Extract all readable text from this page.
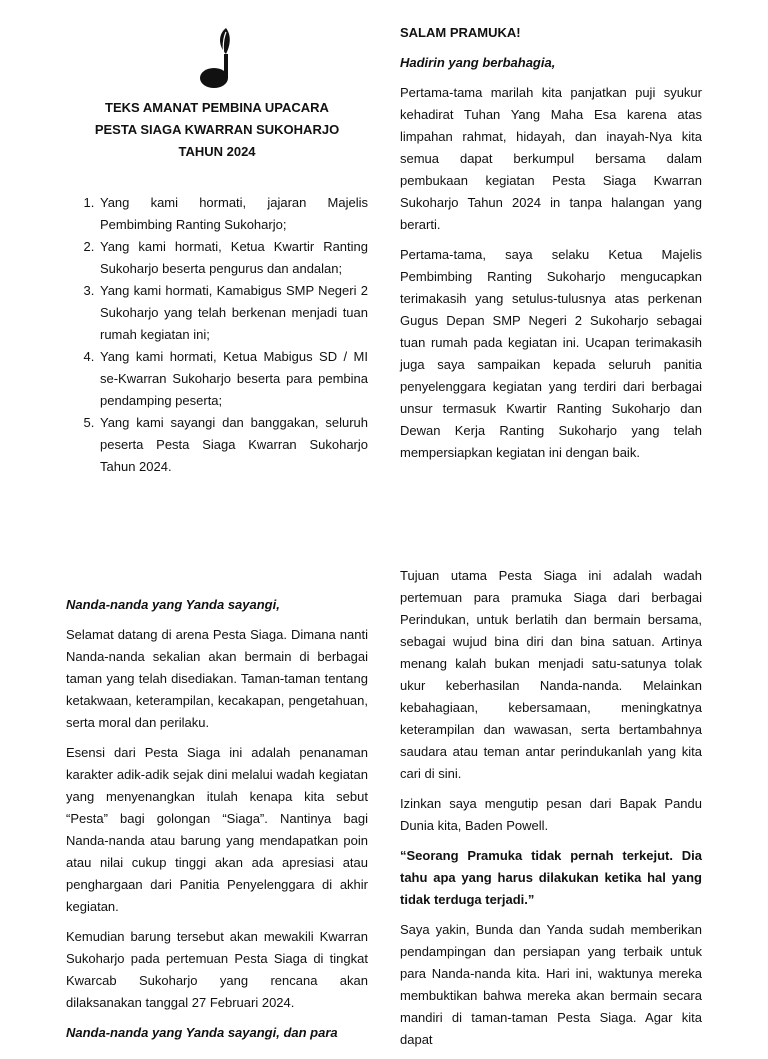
TEKS AMANAT PEMBINA UPACARA
PESTA SIAGA KWARRAN SUKOHARJO
TAHUN 2024
1. Yang kami hormati, jajaran Majelis Pembimbing Ranting Sukoharjo;
2. Yang kami hormati, Ketua Kwartir Ranting Sukoharjo beserta pengurus dan andalan;
3. Yang kami hormati, Kamabigus SMP Negeri 2 Sukoharjo yang telah berkenan menjadi tuan rumah kegiatan ini;
4. Yang kami hormati, Ketua Mabigus SD / MI se-Kwarran Sukoharjo beserta para pembina pendamping peserta;
5. Yang kami sayangi dan banggakan, seluruh peserta Pesta Siaga Kwarran Sukoharjo Tahun 2024.

SALAM PRAMUKA!

Hadirin yang berbahagia,

Pertama-tama marilah kita panjatkan puji syukur kehadirat Tuhan Yang Maha Esa karena atas limpahan rahmat, hidayah, dan inayah-Nya kita semua dapat berkumpul bersama dalam pembukaan kegiatan Pesta Siaga Kwarran Sukoharjo Tahun 2024 in tanpa halangan yang berarti.

Pertama-tama, saya selaku Ketua Majelis Pembimbing Ranting Sukoharjo mengucapkan terimakasih yang setulus-tulusnya atas perkenan Gugus Depan SMP Negeri 2 Sukoharjo sebagai tuan rumah pada kegiatan ini. Ucapan terimakasih juga saya sampaikan kepada seluruh panitia penyelenggara kegiatan yang terdiri dari berbagai unsur termasuk Kwartir Ranting Sukoharjo dan Dewan Kerja Ranting Sukoharjo yang telah mempersiapkan kegiatan ini dengan baik.

Nanda-nanda yang Yanda sayangi,

Selamat datang di arena Pesta Siaga. Dimana nanti Nanda-nanda sekalian akan bermain di berbagai taman yang telah disediakan. Taman-taman tentang ketakwaan, keterampilan, kecakapan, pengetahuan, serta moral dan perilaku.

Esensi dari Pesta Siaga ini adalah penanaman karakter adik-adik sejak dini melalui wadah kegiatan yang menyenangkan itulah kenapa kita sebut “Pesta” bagi golongan “Siaga”. Nantinya bagi Nanda-nanda atau barung yang mendapatkan poin atau nilai cukup tinggi akan ada apresiasi atau penghargaan dari Panitia Penyelenggara di akhir kegiatan.

Kemudian barung tersebut akan mewakili Kwarran Sukoharjo pada pertemuan Pesta Siaga di tingkat Kwarcab Sukoharjo yang rencana akan dilaksanakan tanggal 27 Februari 2024.

Nanda-nanda yang Yanda sayangi, dan para

Tujuan utama Pesta Siaga ini adalah wadah pertemuan para pramuka Siaga dari berbagai Perindukan, untuk berlatih dan bermain bersama, sebagai wujud bina diri dan bina satuan. Artinya menang kalah bukan menjadi satu-satunya tolak ukur keberhasilan Nanda-nanda. Melainkan kebahagiaan, kebersamaan, meningkatnya keterampilan dan wawasan, serta bertambahnya saudara atau teman antar perindukanlah yang kita cari di sini.

Izinkan saya mengutip pesan dari Bapak Pandu Dunia kita, Baden Powell.

“Seorang Pramuka tidak pernah terkejut. Dia tahu apa yang harus dilakukan ketika hal yang tidak terduga terjadi.”

Saya yakin, Bunda dan Yanda sudah memberikan pendampingan dan persiapan yang terbaik untuk para Nanda-nanda kita. Hari ini, waktunya mereka membuktikan bahwa mereka akan bermain secara mandiri di taman-taman Pesta Siaga. Agar kita dapat
